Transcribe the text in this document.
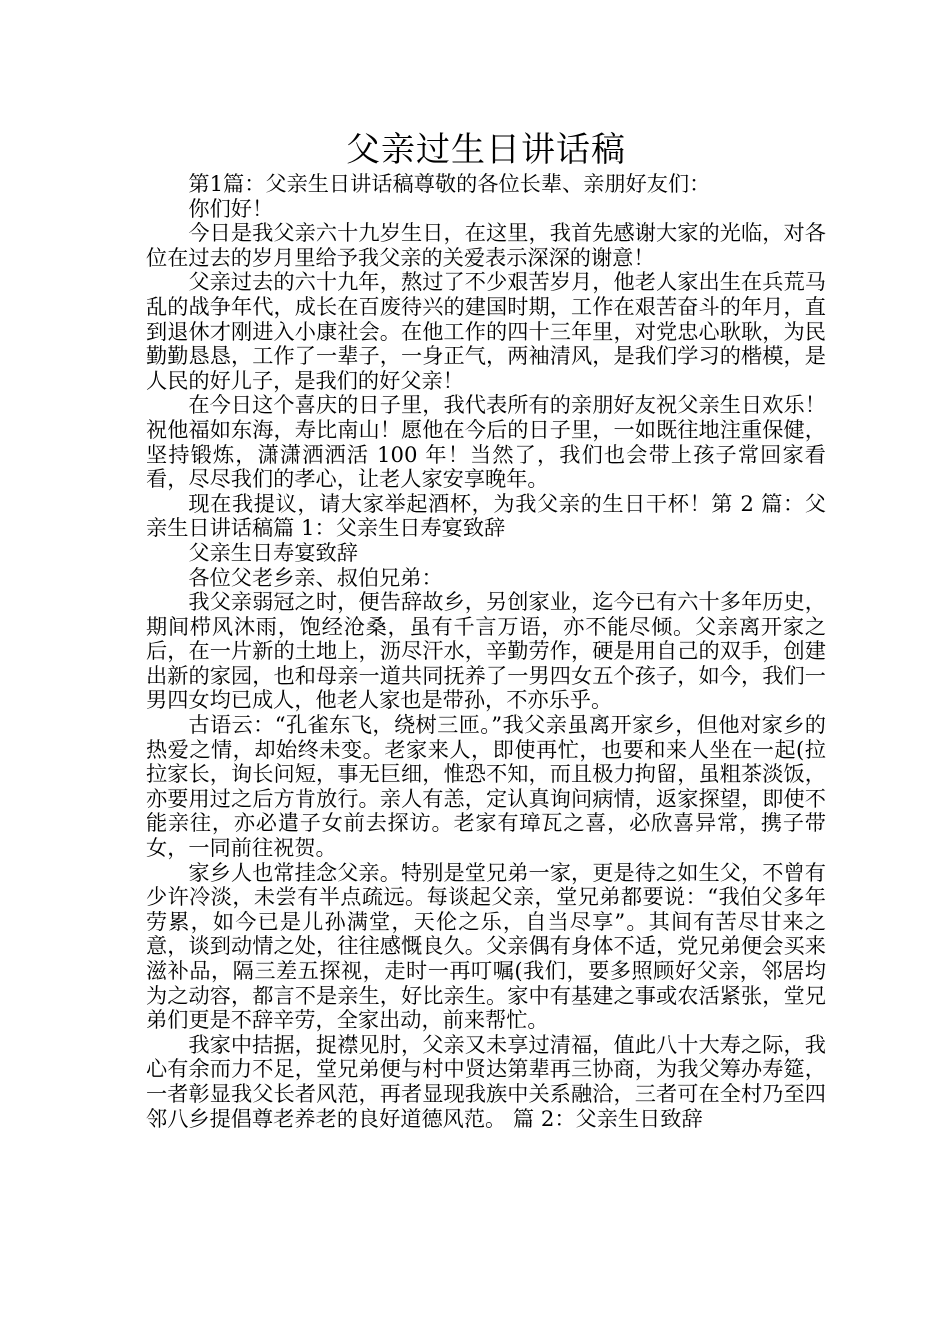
父亲过生日讲话稿

第1篇：父亲生日讲话稿尊敬的各位长辈、亲朋好友们：

你们好！

今日是我父亲六十九岁生日，在这里，我首先感谢大家的光临，对各位在过去的岁月里给予我父亲的关爱表示深深的谢意！

父亲过去的六十九年，熬过了不少艰苦岁月，他老人家出生在兵荒马乱的战争年代，成长在百废待兴的建国时期，工作在艰苦奋斗的年月，直到退休才刚进入小康社会。在他工作的四十三年里，对党忠心耿耿，为民勤勤恳恳，工作了一辈子，一身正气，两袖清风，是我们学习的楷模，是人民的好儿子，是我们的好父亲！

在今日这个喜庆的日子里，我代表所有的亲朋好友祝父亲生日欢乐！祝他福如东海，寿比南山！愿他在今后的日子里，一如既往地注重保健，坚持锻炼，潇潇洒洒活 100 年！当然了，我们也会带上孩子常回家看看，尽尽我们的孝心，让老人家安享晚年。

现在我提议，请大家举起酒杯，为我父亲的生日干杯！第 2 篇：父亲生日讲话稿篇 1：父亲生日寿宴致辞

父亲生日寿宴致辞

各位父老乡亲、叔伯兄弟：

我父亲弱冠之时，便告辞故乡，另创家业，迄今已有六十多年历史，期间栉风沐雨，饱经沧桑，虽有千言万语，亦不能尽倾。父亲离开家之后，在一片新的土地上，沥尽汗水，辛勤劳作，硬是用自己的双手，创建出新的家园，也和母亲一道共同抚养了一男四女五个孩子，如今，我们一男四女均已成人，他老人家也是带孙，不亦乐乎。

古语云：“孔雀东飞，绕树三匝。”我父亲虽离开家乡，但他对家乡的热爱之情，却始终未变。老家来人，即使再忙，也要和来人坐在一起(拉拉家长，询长问短，事无巨细，惟恐不知，而且极力拘留，虽粗茶淡饭，亦要用过之后方肯放行。亲人有恙，定认真询问病情，返家探望，即使不能亲往，亦必遣子女前去探访。老家有璋瓦之喜，必欣喜异常，携子带女，一同前往祝贺。

家乡人也常挂念父亲。特别是堂兄弟一家，更是待之如生父，不曾有少许冷淡，未尝有半点疏远。每谈起父亲，堂兄弟都要说：“我伯父多年劳累，如今已是儿孙满堂，天伦之乐，自当尽享”。其间有苦尽甘来之意，谈到动情之处，往往感慨良久。父亲偶有身体不适，党兄弟便会买来滋补品，隔三差五探视，走时一再叮嘱(我们，要多照顾好父亲，邻居均为之动容，都言不是亲生，好比亲生。家中有基建之事或农活紧张，堂兄弟们更是不辞辛劳，全家出动，前来帮忙。

我家中拮据，捉襟见肘，父亲又未享过清福，值此八十大寿之际，我心有余而力不足，堂兄弟便与村中贤达第辈再三协商，为我父筹办寿筵，一者彰显我父长者风范，再者显现我族中关系融洽，三者可在全村乃至四邻八乡提倡尊老养老的良好道德风范。 篇 2：父亲生日致辞
